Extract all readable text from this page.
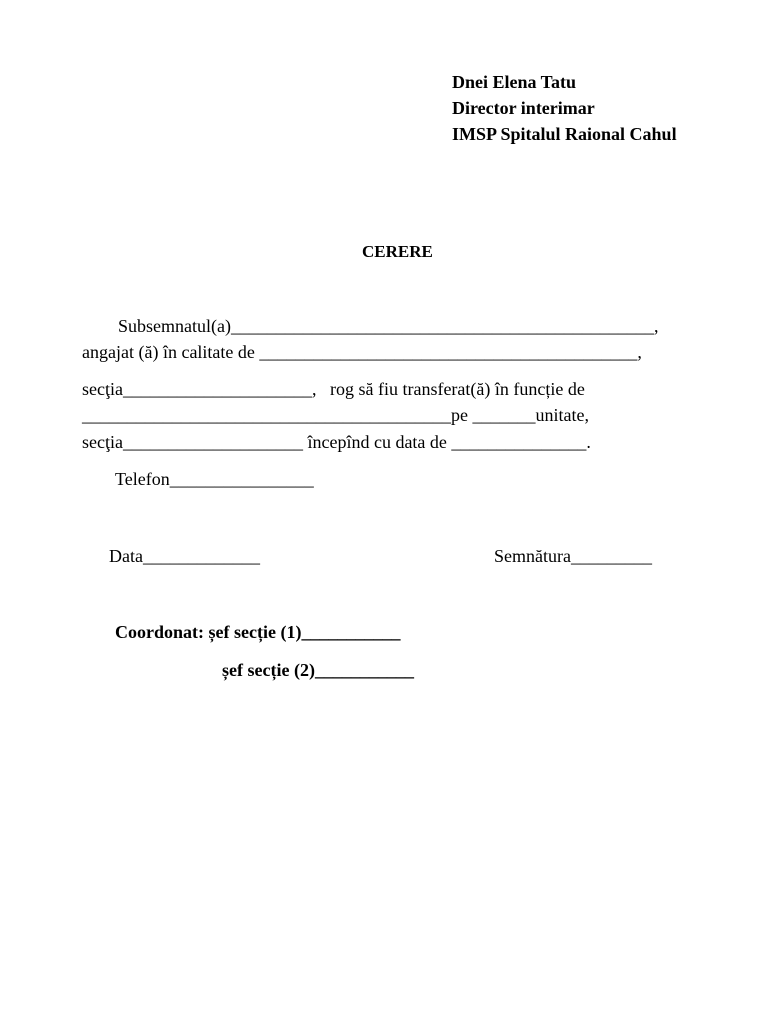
Dnei Elena Tatu
Director interimar
IMSP Spitalul Raional Cahul
CERERE
Subsemnatul(a)_______________________________________________,
angajat (ă) în calitate de __________________________________________,
secţia_____________________,   rog să fiu transferat(ă) în funcție de
_________________________________________pe _______unitate,
secţia____________________ începînd cu data de _______________.
Telefon________________
Data_____________	Semnătura_________
Coordonat: șef secție (1)___________
șef secție (2)___________
